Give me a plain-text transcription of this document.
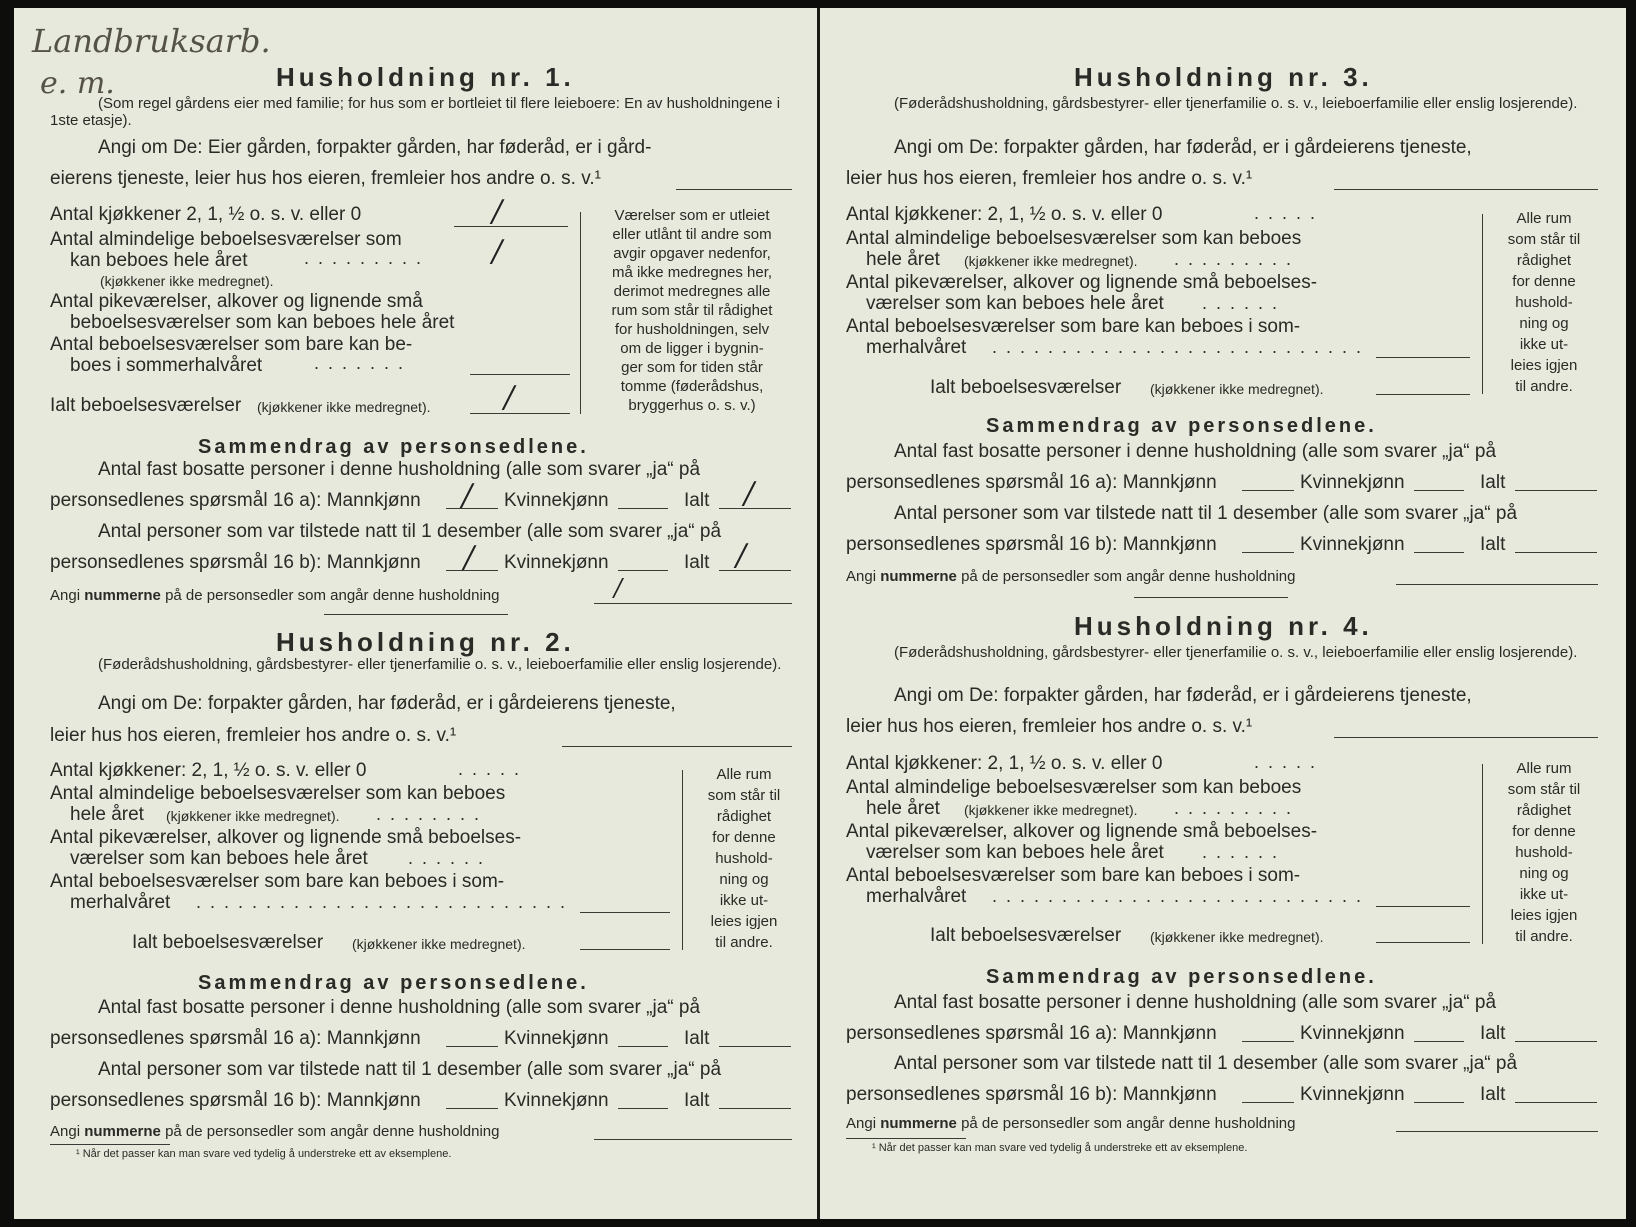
Landbruksarb.
e. m.	Husholdning nr. 1.
(Som regel gårdens eier med familie; for hus som er bortleiet til flere leieboere: En av husholdningene i 1ste etasje).
Angi om De: Eier gården, forpakter gården, har føderåd, er i gård-
eierens tjeneste, leier hus hos eieren, fremleier hos andre o. s. v.¹
Antal kjøkkener 2, 1, ½ o. s. v. eller 0	/
Antal almindelige beboelsesværelser som
kan beboes hele året	......... /
(kjøkkener ikke medregnet).
Antal pikeværelser, alkover og lignende små
beboelsesværelser som kan beboes hele året
Antal beboelsesværelser som bare kan be-
boes i sommerhalvåret	.......
Ialt beboelsesværelser (kjøkkener ikke medregnet). /
Værelser som er utleiet
eller utlånt til andre som
avgir opgaver nedenfor,
må ikke medregnes her,
derimot medregnes alle
rum som står til rådighet
for husholdningen, selv
om de ligger i bygnin-
ger som for tiden står
tomme (føderådshus,
bryggerhus o. s. v.)
Sammendrag av personsedlene.
Antal fast bosatte personer i denne husholdning (alle som svarer „ja“ på
personsedlenes spørsmål 16 a): Mannkjønn / Kvinnekjønn	Ialt /
Antal personer som var tilstede natt til 1 desember (alle som svarer „ja“ på
personsedlenes spørsmål 16 b): Mannkjønn / Kvinnekjønn	Ialt /
Angi nummerne på de personsedler som angår denne husholdning	/
Husholdning nr. 2.
(Føderådshusholdning, gårdsbestyrer- eller tjenerfamilie o. s. v., leieboerfamilie eller enslig losjerende).
Angi om De: forpakter gården, har føderåd, er i gårdeierens tjeneste,
leier hus hos eieren, fremleier hos andre o. s. v.¹
Antal kjøkkener: 2, 1, ½ o. s. v. eller 0	.....
Antal almindelige beboelsesværelser som kan beboes
hele året (kjøkkener ikke medregnet). ........
Antal pikeværelser, alkover og lignende små beboelses-
værelser som kan beboes hele året ......
Antal beboelsesværelser som bare kan beboes i som-
merhalvåret ...........................
Ialt beboelsesværelser (kjøkkener ikke medregnet).
Alle rum
som står til
rådighet
for denne
hushold-
ning og
ikke ut-
leies igjen
til andre.
Sammendrag av personsedlene.
Antal fast bosatte personer i denne husholdning (alle som svarer „ja“ på
personsedlenes spørsmål 16 a): Mannkjønn	Kvinnekjønn	Ialt
Antal personer som var tilstede natt til 1 desember (alle som svarer „ja“ på
personsedlenes spørsmål 16 b): Mannkjønn	Kvinnekjønn	Ialt
Angi nummerne på de personsedler som angår denne husholdning
¹ Når det passer kan man svare ved tydelig å understreke ett av eksemplene.
Husholdning nr. 3.
(Føderådshusholdning, gårdsbestyrer- eller tjenerfamilie o. s. v., leieboerfamilie eller enslig losjerende).
Angi om De: forpakter gården, har føderåd, er i gårdeierens tjeneste,
leier hus hos eieren, fremleier hos andre o. s. v.¹
Antal kjøkkener: 2, 1, ½ o. s. v. eller 0	.....
Antal almindelige beboelsesværelser som kan beboes
hele året (kjøkkener ikke medregnet). .........
Antal pikeværelser, alkover og lignende små beboelses-
værelser som kan beboes hele året ......
Antal beboelsesværelser som bare kan beboes i som-
merhalvåret ...........................
Ialt beboelsesværelser (kjøkkener ikke medregnet).
Alle rum
som står til
rådighet
for denne
hushold-
ning og
ikke ut-
leies igjen
til andre.
Sammendrag av personsedlene.
Antal fast bosatte personer i denne husholdning (alle som svarer „ja“ på
personsedlenes spørsmål 16 a): Mannkjønn	Kvinnekjønn	Ialt
Antal personer som var tilstede natt til 1 desember (alle som svarer „ja“ på
personsedlenes spørsmål 16 b): Mannkjønn	Kvinnekjønn	Ialt
Angi nummerne på de personsedler som angår denne husholdning
Husholdning nr. 4.
(Føderådshusholdning, gårdsbestyrer- eller tjenerfamilie o. s. v., leieboerfamilie eller enslig losjerende).
Angi om De: forpakter gården, har føderåd, er i gårdeierens tjeneste,
leier hus hos eieren, fremleier hos andre o. s. v.¹
Antal kjøkkener: 2, 1, ½ o. s. v. eller 0	.....
Antal almindelige beboelsesværelser som kan beboes
hele året (kjøkkener ikke medregnet). .........
Antal pikeværelser, alkover og lignende små beboelses-
værelser som kan beboes hele året ......
Antal beboelsesværelser som bare kan beboes i som-
merhalvåret ...........................
Ialt beboelsesværelser (kjøkkener ikke medregnet).
Alle rum
som står til
rådighet
for denne
hushold-
ning og
ikke ut-
leies igjen
til andre.
Sammendrag av personsedlene.
Antal fast bosatte personer i denne husholdning (alle som svarer „ja“ på
personsedlenes spørsmål 16 a): Mannkjønn	Kvinnekjønn	Ialt
Antal personer som var tilstede natt til 1 desember (alle som svarer „ja“ på
personsedlenes spørsmål 16 b): Mannkjønn	Kvinnekjønn	Ialt
Angi nummerne på de personsedler som angår denne husholdning
¹ Når det passer kan man svare ved tydelig å understreke ett av eksemplene.
